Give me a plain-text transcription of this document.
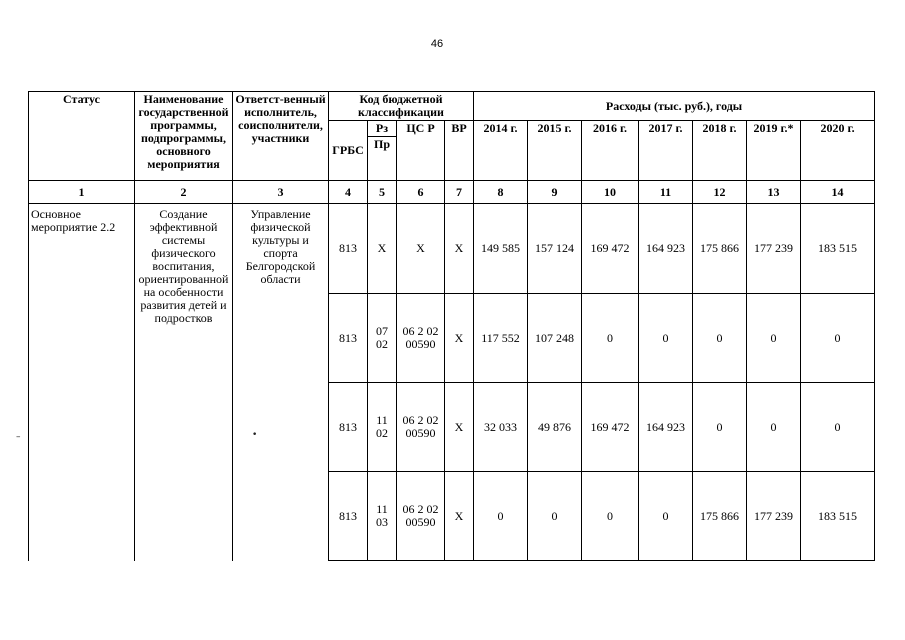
46
Статус	Наименование государственной программы, подпрограммы, основного мероприятия	Ответст-венный исполнитель, соисполнители, участники	Код бюджетной классификации				Расходы (тыс. руб.), годы						
			ГРБС	Рз	ЦС Р	ВР	2014 г.	2015 г.	2016 г.	2017 г.	2018 г.	2019 г.*	2020 г.
				Пр									
1	2	3	4	5	6	7	8	9	10	11	12	13	14
Основное мероприятие 2.2	Создание эффективной системы физического воспитания, ориентированной на особенности развития детей и подростков	Управление физической культуры и спорта Белгородской области	813	X	X	X	149 585	157 124	169 472	164 923	175 866	177 239	183 515
			813	07
02	06 2 02 00590	X	117 552	107 248	0	0	0	0	0
			813	11
02	06 2 02 00590	X	32 033	49 876	169 472	164 923	0	0	0
			813	11
03	06 2 02 00590	X	0	0	0	0	175 866	177 239	183 515
–	•
